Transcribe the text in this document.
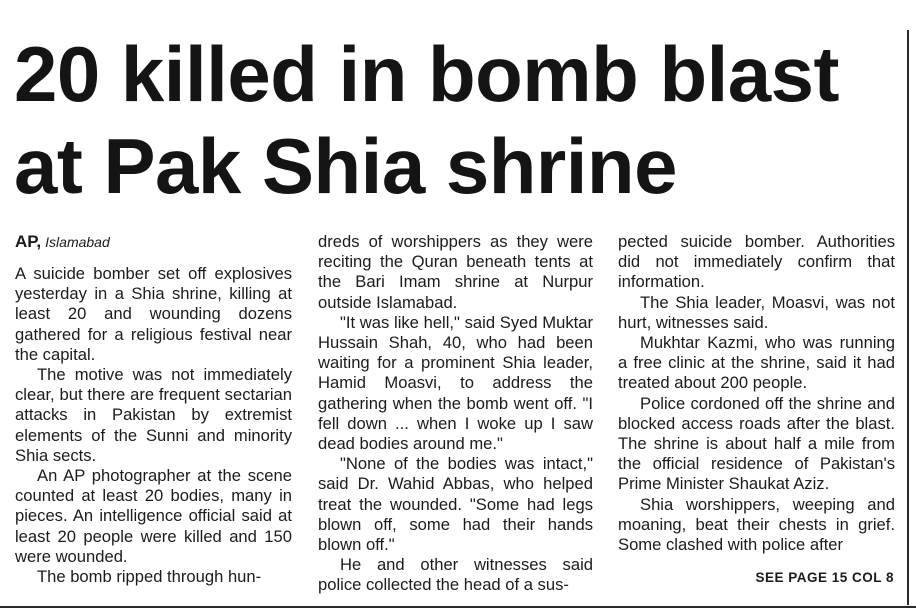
20 killed in bomb blast
at Pak Shia shrine
AP, Islamabad

A suicide bomber set off explosives yesterday in a Shia shrine, killing at least 20 and wounding dozens gathered for a religious festival near the capital.

The motive was not immediately clear, but there are frequent sectarian attacks in Pakistan by extremist elements of the Sunni and minority Shia sects.

An AP photographer at the scene counted at least 20 bodies, many in pieces. An intelligence official said at least 20 people were killed and 150 were wounded.

The bomb ripped through hun-

dreds of worshippers as they were reciting the Quran beneath tents at the Bari Imam shrine at Nurpur outside Islamabad.

"It was like hell," said Syed Muktar Hussain Shah, 40, who had been waiting for a prominent Shia leader, Hamid Moasvi, to address the gathering when the bomb went off. "I fell down ... when I woke up I saw dead bodies around me."

"None of the bodies was intact," said Dr. Wahid Abbas, who helped treat the wounded. "Some had legs blown off, some had their hands blown off."

He and other witnesses said police collected the head of a sus-

pected suicide bomber. Authorities did not immediately confirm that information.

The Shia leader, Moasvi, was not hurt, witnesses said.

Mukhtar Kazmi, who was running a free clinic at the shrine, said it had treated about 200 people.

Police cordoned off the shrine and blocked access roads after the blast. The shrine is about half a mile from the official residence of Pakistan's Prime Minister Shaukat Aziz.

Shia worshippers, weeping and moaning, beat their chests in grief. Some clashed with police after

SEE PAGE 15 COL 8
